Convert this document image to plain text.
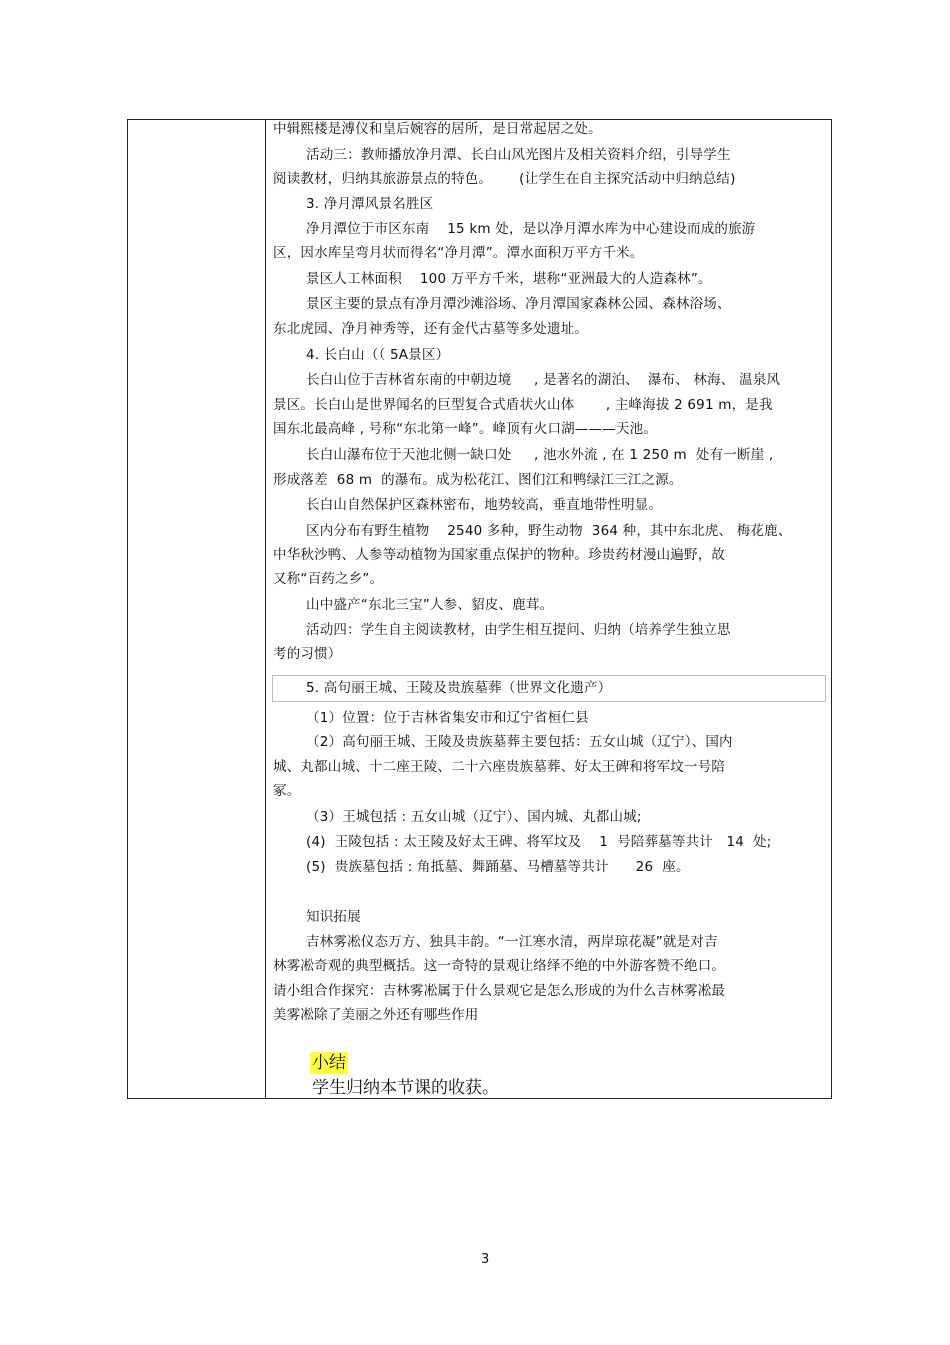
中辑熙楼是溥仪和皇后婉容的居所，是日常起居之处。
活动三：教师播放净月潭、长白山风光图片及相关资料介绍，引导学生
阅读教材，归纳其旅游景点的特色。      (让学生在自主探究活动中归纳总结)
3. 净月潭风景名胜区
净月潭位于市区东南    15 km 处，是以净月潭水库为中心建设而成的旅游
区，因水库呈弯月状而得名“净月潭”。潭水面积万平方千米。
景区人工林面积    100 万平方千米，堪称“亚洲最大的人造森林”。
景区主要的景点有净月潭沙滩浴场、净月潭国家森林公园、森林浴场、
东北虎园、净月神秀等，还有金代古墓等多处遗址。
4. 长白山（（ 5A景区）
长白山位于吉林省东南的中朝边境     , 是著名的湖泊、  瀑布、 林海、 温泉风
景区。长白山是世界闻名的巨型复合式盾状火山体       , 主峰海拔 2 691 m，是我
国东北最高峰 , 号称“东北第一峰”。峰顶有火口湖———天池。
长白山瀑布位于天池北侧一缺口处     , 池水外流 , 在 1 250 m  处有一断崖 ,
形成落差  68 m  的瀑布。成为松花江、图们江和鸭绿江三江之源。
长白山自然保护区森林密布，地势较高，垂直地带性明显。
区内分布有野生植物    2540 多种，野生动物  364 种，其中东北虎、 梅花鹿、
中华秋沙鸭、人参等动植物为国家重点保护的物种。珍贵药材漫山遍野，故
又称“百药之乡”。
山中盛产“东北三宝”人参、貂皮、鹿茸。
活动四：学生自主阅读教材，由学生相互提问、归纳（培养学生独立思
考的习惯）
5. 高句丽王城、王陵及贵族墓葬（世界文化遗产）
（1）位置：位于吉林省集安市和辽宁省桓仁县
（2）高句丽王城、王陵及贵族墓葬主要包括：五女山城（辽宁）、国内
城、丸都山城、十二座王陵、二十六座贵族墓葬、好太王碑和将军坟一号陪
冢。
（3）王城包括 : 五女山城（辽宁）、国内城、丸都山城;
(4)  王陵包括 : 太王陵及好太王碑、将军坟及    1  号陪葬墓等共计   14  处;
(5)  贵族墓包括 : 角抵墓、舞踊墓、马槽墓等共计      26  座。
知识拓展
吉林雾凇仪态万方、独具丰韵。“一江寒水清，两岸琼花凝”就是对吉
林雾凇奇观的典型概括。这一奇特的景观让络绎不绝的中外游客赞不绝口。
请小组合作探究：吉林雾凇属于什么景观它是怎么形成的为什么吉林雾凇最
美雾凇除了美丽之外还有哪些作用
小结
学生归纳本节课的收获。
3
